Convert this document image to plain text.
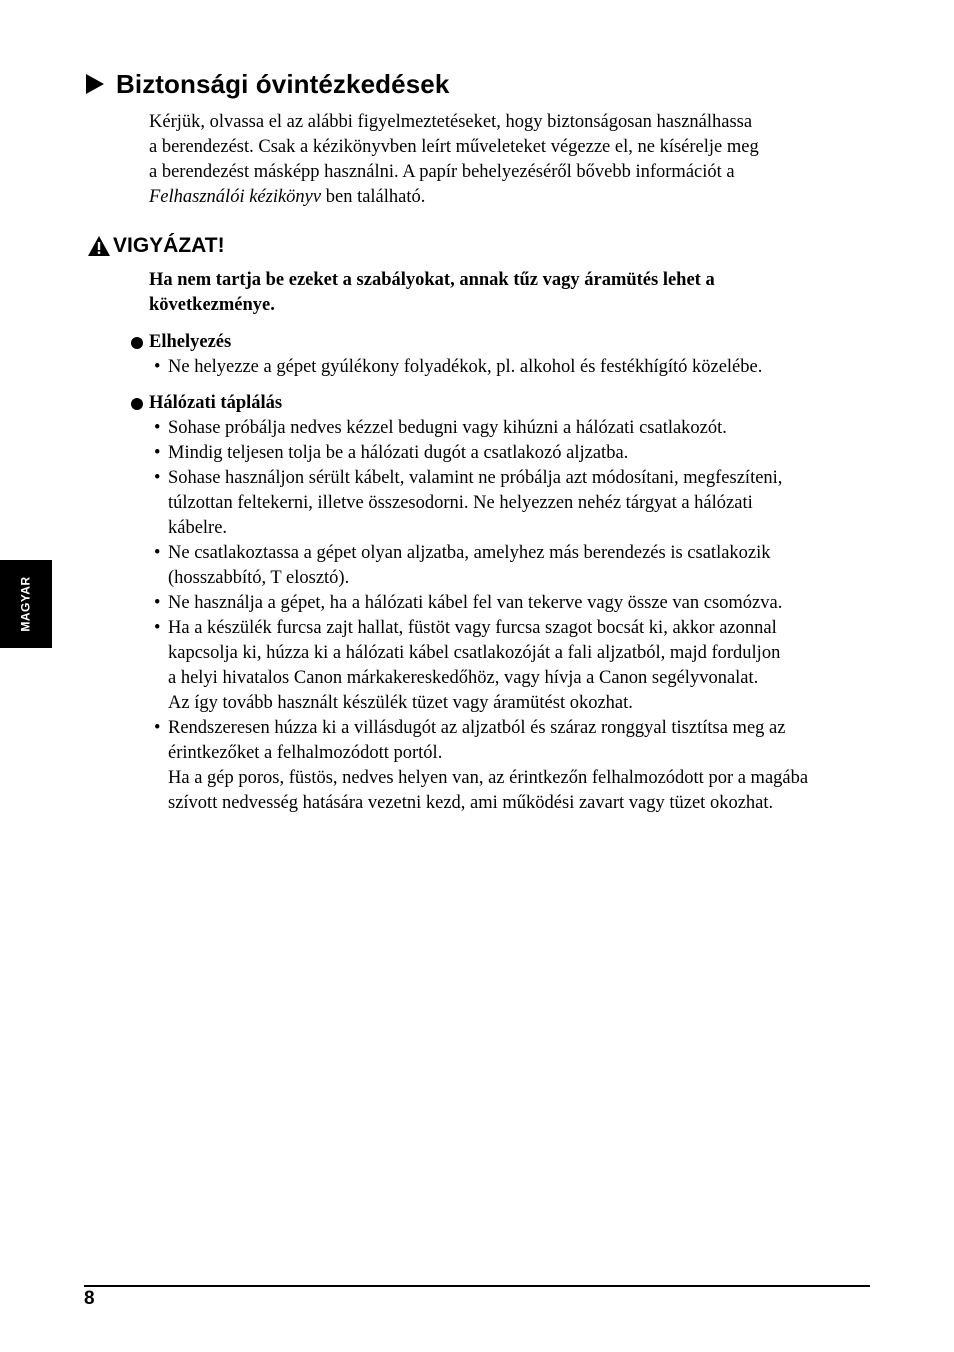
Biztonsági óvintézkedések

Kérjük, olvassa el az alábbi figyelmeztetéseket, hogy biztonságosan használhassa
a berendezést. Csak a kézikönyvben leírt műveleteket végezze el, ne kísérelje meg
a berendezést másképp használni. A papír behelyezéséről bővebb információt a
Felhasználói kézikönyv ben található.

VIGYÁZAT!

Ha nem tartja be ezeket a szabályokat, annak tűz vagy áramütés lehet a
következménye.

Elhelyezés
• Ne helyezze a gépet gyúlékony folyadékok, pl. alkohol és festékhígító közelébe.
Hálózati táplálás
• Sohase próbálja nedves kézzel bedugni vagy kihúzni a hálózati csatlakozót.
• Mindig teljesen tolja be a hálózati dugót a csatlakozó aljzatba.
• Sohase használjon sérült kábelt, valamint ne próbálja azt módosítani, megfeszíteni,
túlzottan feltekerni, illetve összesodorni. Ne helyezzen nehéz tárgyat a hálózati
kábelre.
• Ne csatlakoztassa a gépet olyan aljzatba, amelyhez más berendezés is csatlakozik
(hosszabbító, T elosztó).
• Ne használja a gépet, ha a hálózati kábel fel van tekerve vagy össze van csomózva.
• Ha a készülék furcsa zajt hallat, füstöt vagy furcsa szagot bocsát ki, akkor azonnal
kapcsolja ki, húzza ki a hálózati kábel csatlakozóját a fali aljzatból, majd forduljon
a helyi hivatalos Canon márkakereskedőhöz, vagy hívja a Canon segélyvonalat.
Az így tovább használt készülék tüzet vagy áramütést okozhat.
• Rendszeresen húzza ki a villásdugót az aljzatból és száraz ronggyal tisztítsa meg az
érintkezőket a felhalmozódott portól.
Ha a gép poros, füstös, nedves helyen van, az érintkezőn felhalmozódott por a magába
szívott nedvesség hatására vezetni kezd, ami működési zavart vagy tüzet okozhat.
MAGYAR
8
